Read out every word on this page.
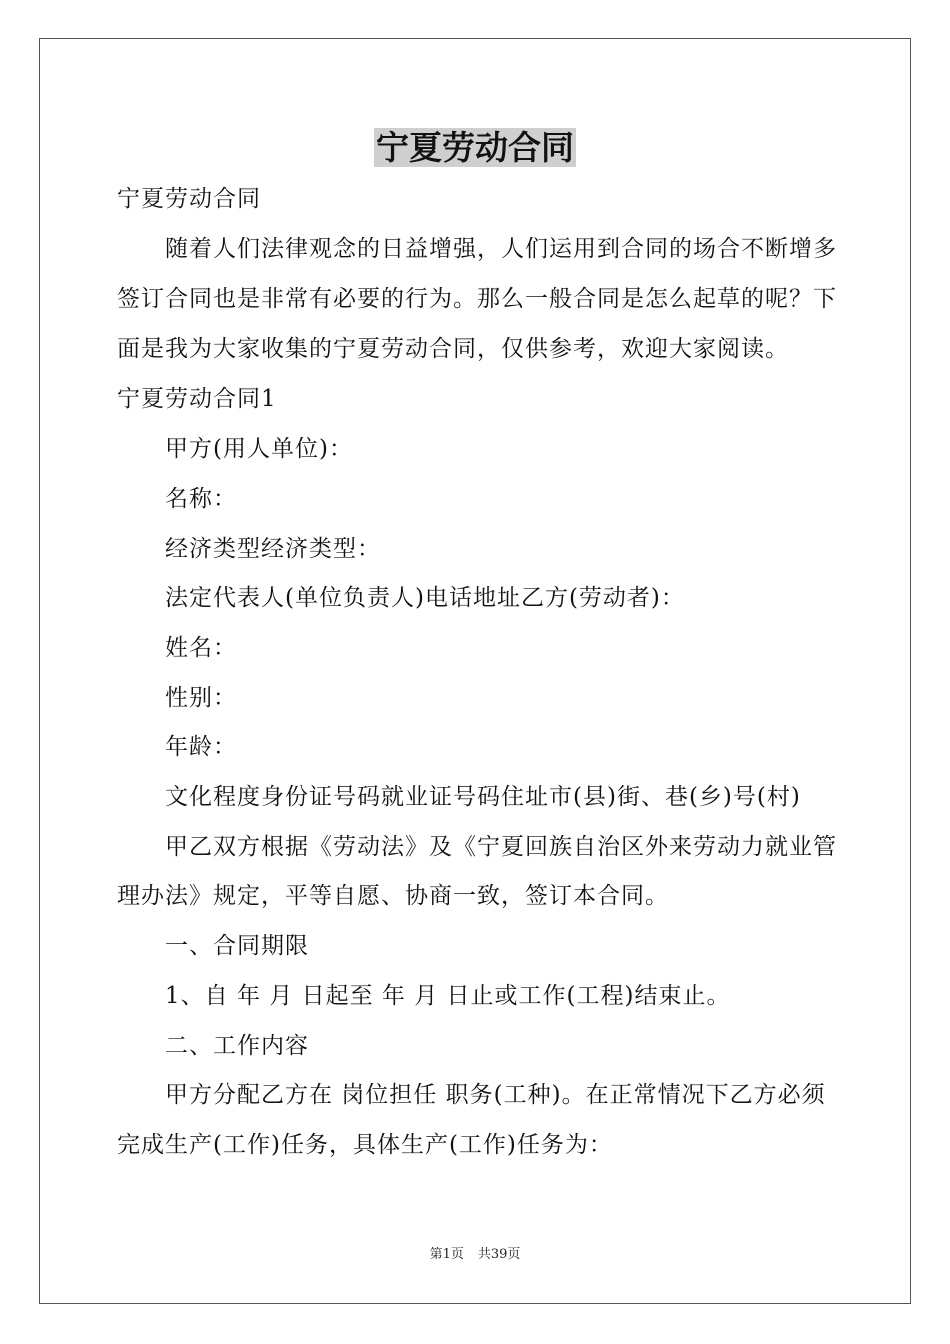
宁夏劳动合同
宁夏劳动合同
随着人们法律观念的日益增强，人们运用到合同的场合不断增多
签订合同也是非常有必要的行为。那么一般合同是怎么起草的呢？下
面是我为大家收集的宁夏劳动合同，仅供参考，欢迎大家阅读。
宁夏劳动合同1
甲方(用人单位)：
名称：
经济类型经济类型：
法定代表人(单位负责人)电话地址乙方(劳动者)：
姓名：
性别：
年龄：
文化程度身份证号码就业证号码住址市(县)街、巷(乡)号(村)
甲乙双方根据《劳动法》及《宁夏回族自治区外来劳动力就业管
理办法》规定，平等自愿、协商一致，签订本合同。
一、合同期限
1、自 年 月 日起至 年 月 日止或工作(工程)结束止。
二、工作内容
甲方分配乙方在 岗位担任 职务(工种)。在正常情况下乙方必须
完成生产(工作)任务，具体生产(工作)任务为：
第1页 共39页
